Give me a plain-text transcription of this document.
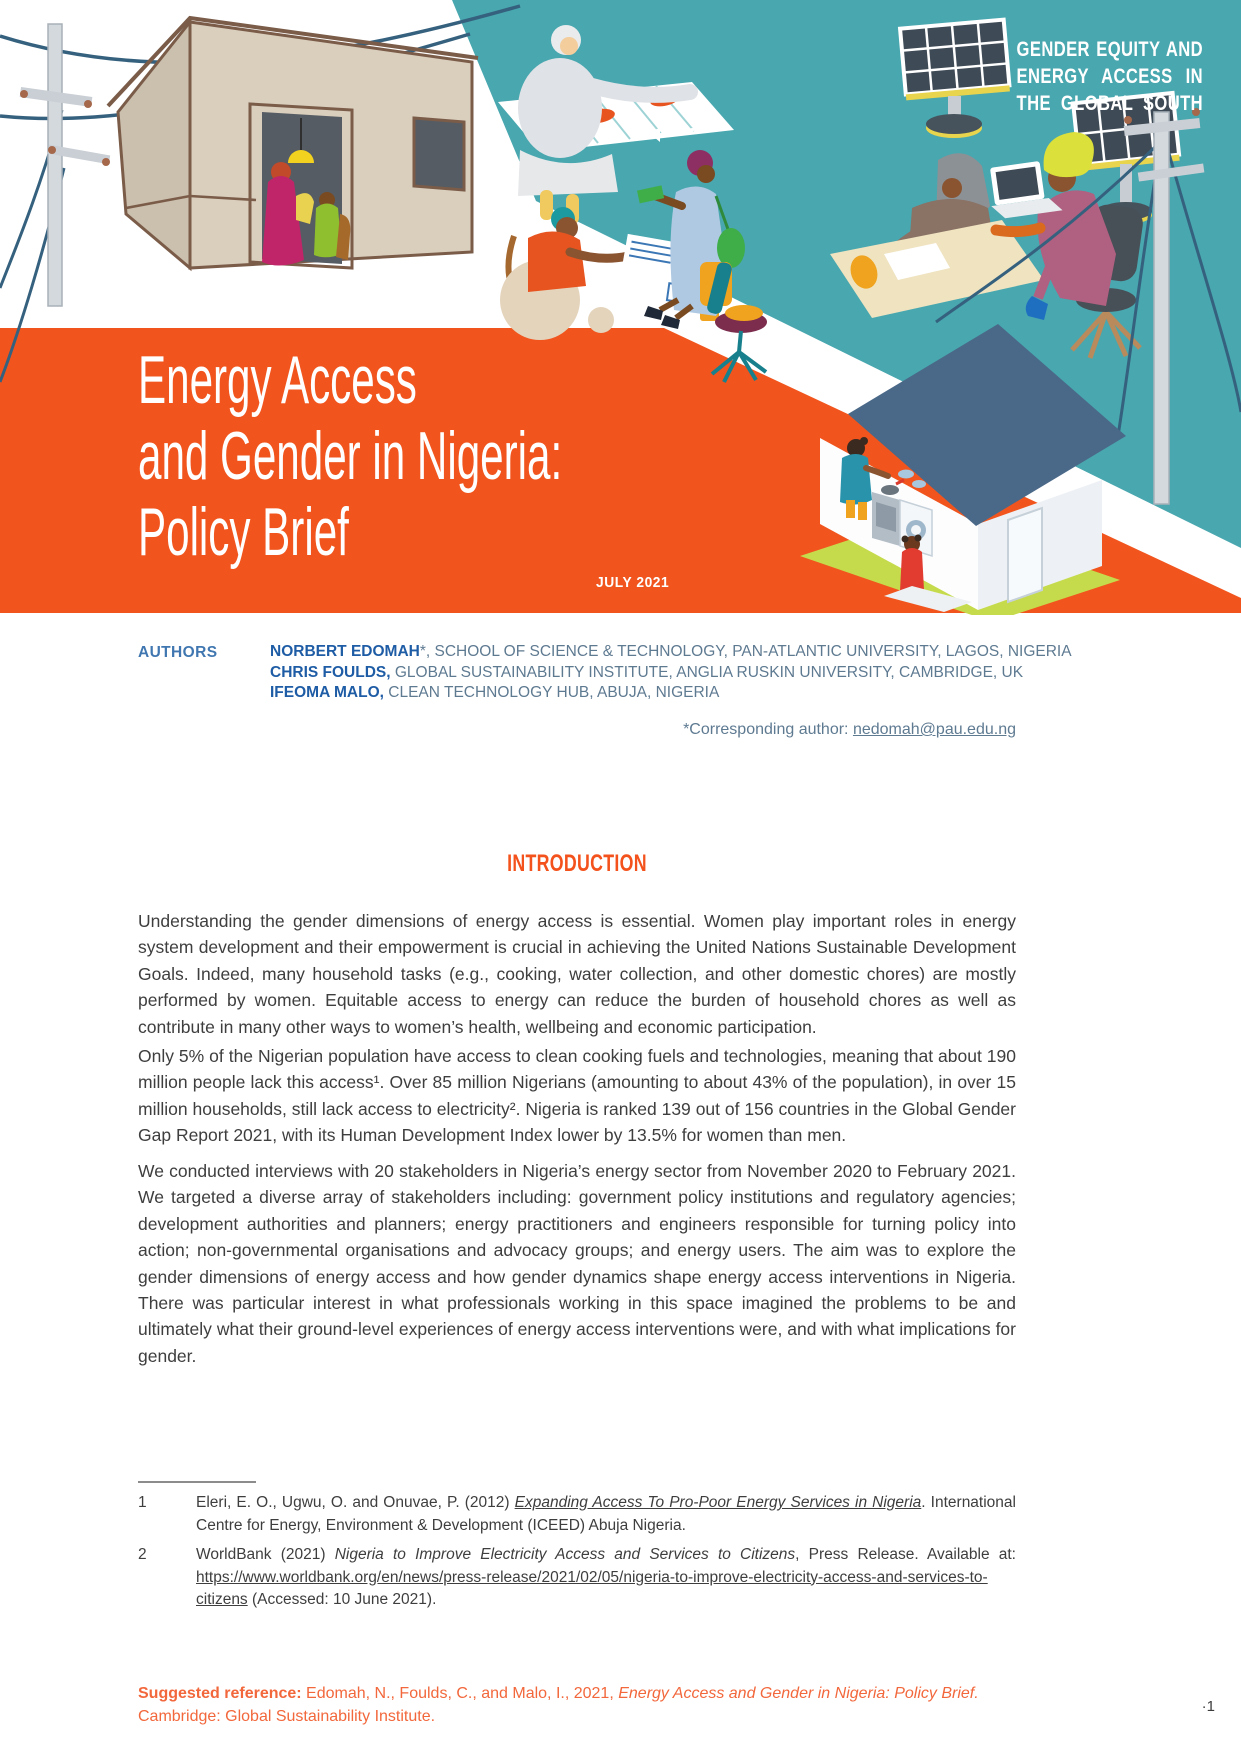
GENDER EQUITY AND
ENERGY ACCESS IN
THE GLOBAL SOUTH
Energy Access
and Gender in Nigeria:
Policy Brief
JULY 2021
AUTHORS	NORBERT EDOMAH*, SCHOOL OF SCIENCE & TECHNOLOGY, PAN-ATLANTIC UNIVERSITY, LAGOS, NIGERIA
CHRIS FOULDS, GLOBAL SUSTAINABILITY INSTITUTE, ANGLIA RUSKIN UNIVERSITY, CAMBRIDGE, UK
IFEOMA MALO, CLEAN TECHNOLOGY HUB, ABUJA, NIGERIA
*Corresponding author: nedomah@pau.edu.ng
INTRODUCTION
Understanding the gender dimensions of energy access is essential. Women play important roles in energy system development and their empowerment is crucial in achieving the United Nations Sustainable Development Goals. Indeed, many household tasks (e.g., cooking, water collection, and other domestic chores) are mostly performed by women. Equitable access to energy can reduce the burden of household chores as well as contribute in many other ways to women’s health, wellbeing and economic participation.
Only 5% of the Nigerian population have access to clean cooking fuels and technologies, meaning that about 190 million people lack this access¹. Over 85 million Nigerians (amounting to about 43% of the population), in over 15 million households, still lack access to electricity². Nigeria is ranked 139 out of 156 countries in the Global Gender Gap Report 2021, with its Human Development Index lower by 13.5% for women than men.
We conducted interviews with 20 stakeholders in Nigeria’s energy sector from November 2020 to February 2021. We targeted a diverse array of stakeholders including: government policy institutions and regulatory agencies; development authorities and planners; energy practitioners and engineers responsible for turning policy into action; non-governmental organisations and advocacy groups; and energy users. The aim was to explore the gender dimensions of energy access and how gender dynamics shape energy access interventions in Nigeria. There was particular interest in what professionals working in this space imagined the problems to be and ultimately what their ground-level experiences of energy access interventions were, and with what implications for gender.
1	Eleri, E. O., Ugwu, O. and Onuvae, P. (2012) Expanding Access To Pro-Poor Energy Services in Nigeria. International Centre for Energy, Environment & Development (ICEED) Abuja Nigeria.
2	WorldBank (2021) Nigeria to Improve Electricity Access and Services to Citizens, Press Release. Available at: https://www.worldbank.org/en/news/press-release/2021/02/05/nigeria-to-improve-electricity-access-and-services-to-citizens (Accessed: 10 June 2021).
Suggested reference: Edomah, N., Foulds, C., and Malo, I., 2021, Energy Access and Gender in Nigeria: Policy Brief. Cambridge: Global Sustainability Institute.
·1
